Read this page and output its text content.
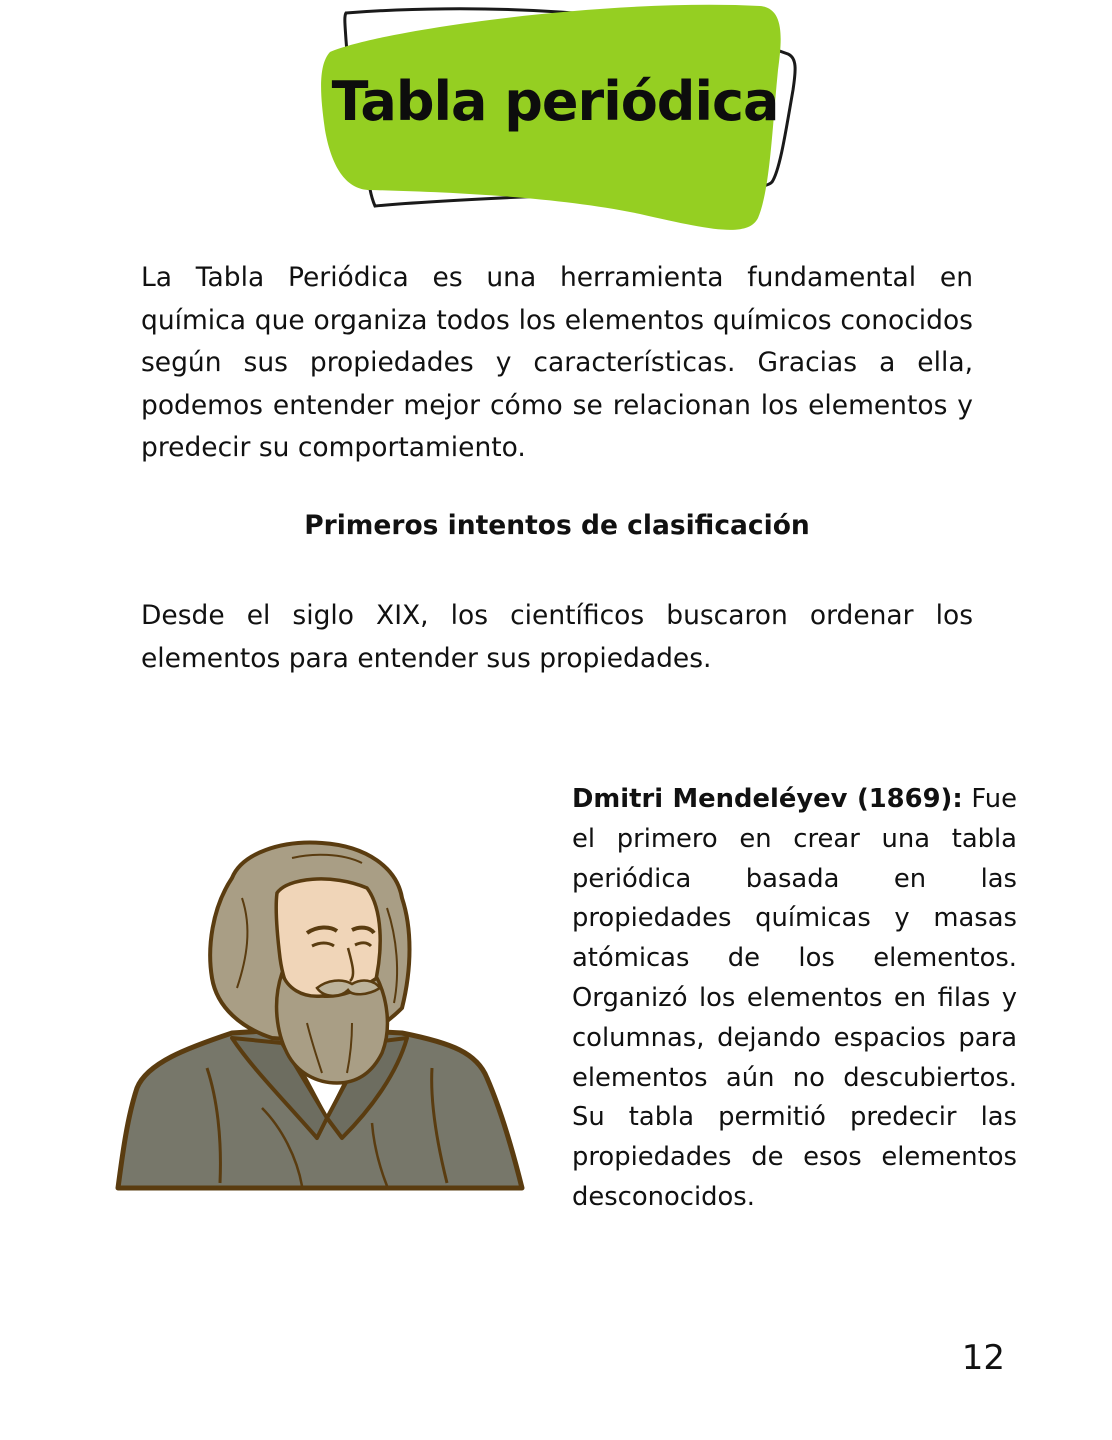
Tabla periódica

La Tabla Periódica es una herramienta fundamental en química que organiza todos los elementos químicos conocidos según sus propiedades y características. Gracias a ella, podemos entender mejor cómo se relacionan los elementos y predecir su comportamiento.

Primeros intentos de clasificación

Desde el siglo XIX, los científicos buscaron ordenar los elementos para entender sus propiedades.

Dmitri Mendeléyev (1869): Fue el primero en crear una tabla periódica basada en las propiedades químicas y masas atómicas de los elementos. Organizó los elementos en filas y columnas, dejando espacios para elementos aún no descubiertos. Su tabla permitió predecir las propiedades de esos elementos desconocidos.

12
